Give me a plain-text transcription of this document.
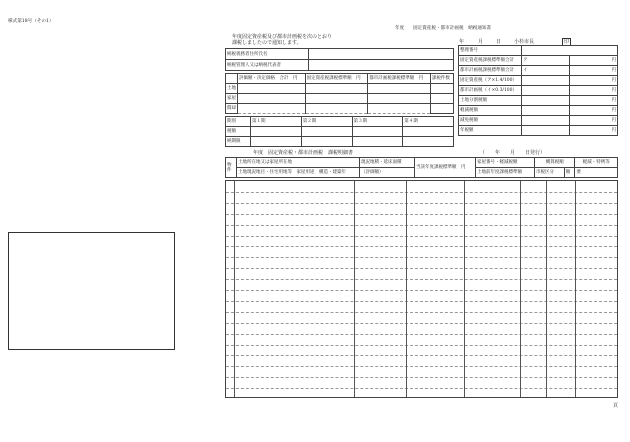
様式第18号（その1）
年度 固定資産税・都市計画税　納税通知書
年度固定資産税及び都市計画税を次のとおり
課税しましたので通知します。	年	月	日	小杉市長	印
納税義務者住所氏名	
納税管理人又は納税代表者	
	評価額・決定価格　合計　円	固定資産税課税標準額　円	都市計画税課税標準額　円	課税件数
土地				
家屋				
償却				
期別	第１期	第２期	第３期	第４期
税額				
納期限				
整理番号		
固定資産税課税標準額合計	ア	円
都市計画税課税標準額合計	イ	円
固定資産税（ア×1.4/100）		円
都市計画税（イ×0.3/100）		円
土地分割税額		円
軽減税額		円
減免税額		円
年税額		円
年度　固定資産税・都市計画税　課税明細書	（　　年　　月　　日発行）
物件	土地所在地又は家屋所在地	現況地積・延床面積	当該年度課税標準額　円	家屋番号・軽減税額	概算税額		軽減・特例等
	土地現況地目・住宅用地等　家屋用途　構造・建築年	（評価額）		土地前年度課税標準額	市税区分	額	要
頁
